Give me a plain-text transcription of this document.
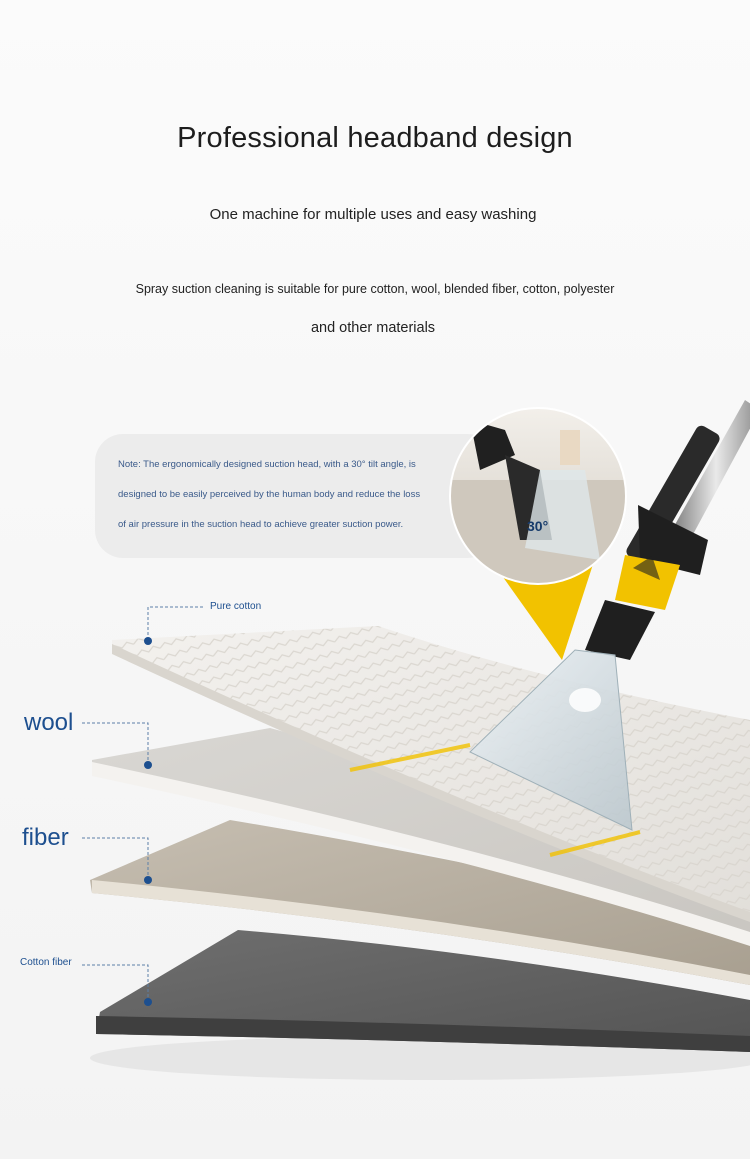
Professional headband design
One machine for multiple uses and easy washing
Spray suction cleaning is suitable for pure cotton, wool, blended fiber, cotton, polyester
and other materials
Note: The ergonomically designed suction head, with a 30° tilt angle, is
designed to be easily perceived by the human body and reduce the loss
of air pressure in the suction head to achieve greater suction power.	30°
Pure cotton
wool
fiber
Cotton fiber
